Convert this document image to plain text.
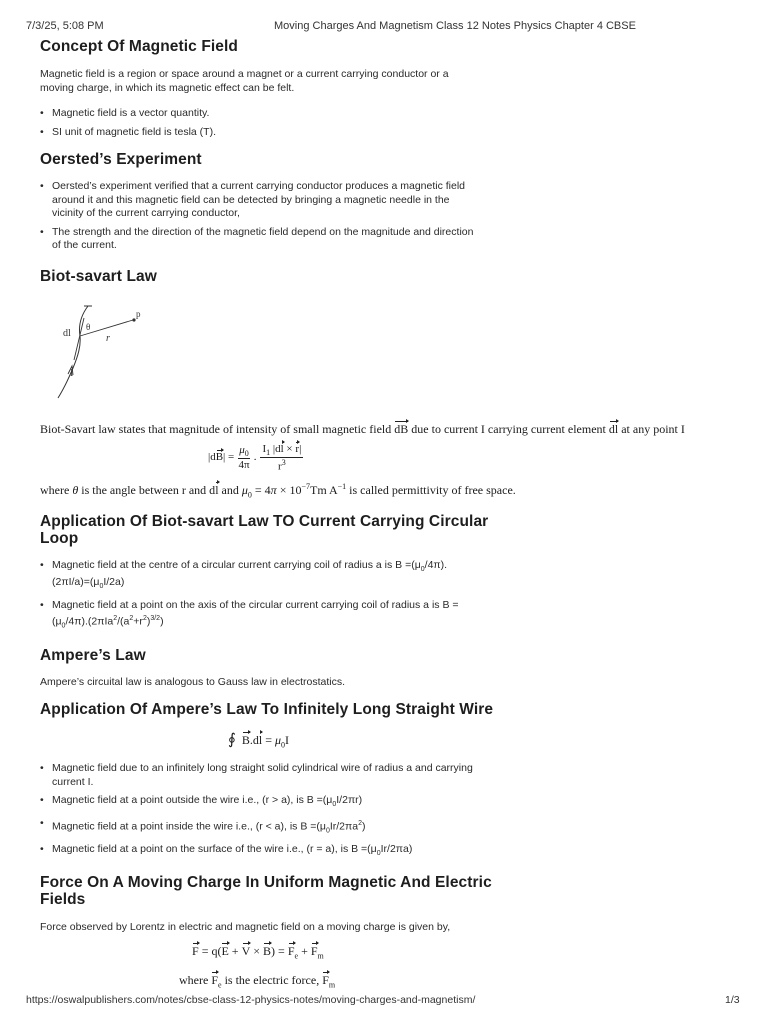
7/3/25, 5:08 PM	Moving Charges And Magnetism Class 12 Notes Physics Chapter 4 CBSE
Concept Of Magnetic Field

Magnetic field is a region or space around a magnet or a current carrying conductor or a
moving charge, in which its magnetic effect can be felt.

• Magnetic field is a vector quantity.
• SI unit of magnetic field is tesla (T).
Oersted’s Experiment
• Oersted’s experiment verified that a current carrying conductor produces a magnetic field
around it and this magnetic field can be detected by bringing a magnetic needle in the
vicinity of the current carrying conductor,
• The strength and the direction of the magnetic field depend on the magnitude and direction
of the current.
Biot-savart Law
dl
θ
r
p
I

Biot-Savart law states that magnitude of intensity of small magnetic field dB due to current I carrying current element dl at any point I

$|dB| = \frac{\mu_0}{4\pi}$ . $\frac{I_1 |dl \times r|}{r^3}$

where θ is the angle between r and dl and $\mu_0 = 4\pi \times 10^{-7}Tm$ $A^{-1}$ is called permittivity of free space.

Application Of Biot-savart Law TO Current Carrying Circular
Loop
• Magnetic field at the centre of a circular current carrying coil of radius a is $B =(\mu_0/4\pi)$.
$(2\pi I/a)=(\mu_0I/2a)$
• Magnetic field at a point on the axis of the circular current carrying coil of radius a is B =
$(\mu_0/4\pi).(2\pi Ia^2/(a^2+r^2)^{3/2})$
Ampere’s Law

Ampere’s circuital law is analogous to Gauss law in electrostatics.

Application Of Ampere’s Law To Infinitely Long Straight Wire
∮ $B.dl = \mu_0I$
• Magnetic field due to an infinitely long straight solid cylindrical wire of radius a and carrying
current I.
• Magnetic field at a point outside the wire i.e., (r > a), is $B =(\mu_0I/2\pi r)$
• Magnetic field at a point inside the wire i.e., (r < a), is $B =(\mu_0Ir/2\pi a^2)$
• Magnetic field at a point on the surface of the wire i.e., (r = a), is $B =(\mu_0Ir/2\pi a)$
Force On A Moving Charge In Uniform Magnetic And Electric
Fields

Force observed by Lorentz in electric and magnetic field on a moving charge is given by,

$F = q(E + V \times B) = F_e + F_m$
where $F_e$ is the electric force, $F_m$
https://oswalpublishers.com/notes/cbse-class-12-physics-notes/moving-charges-and-magnetism/	1/3
